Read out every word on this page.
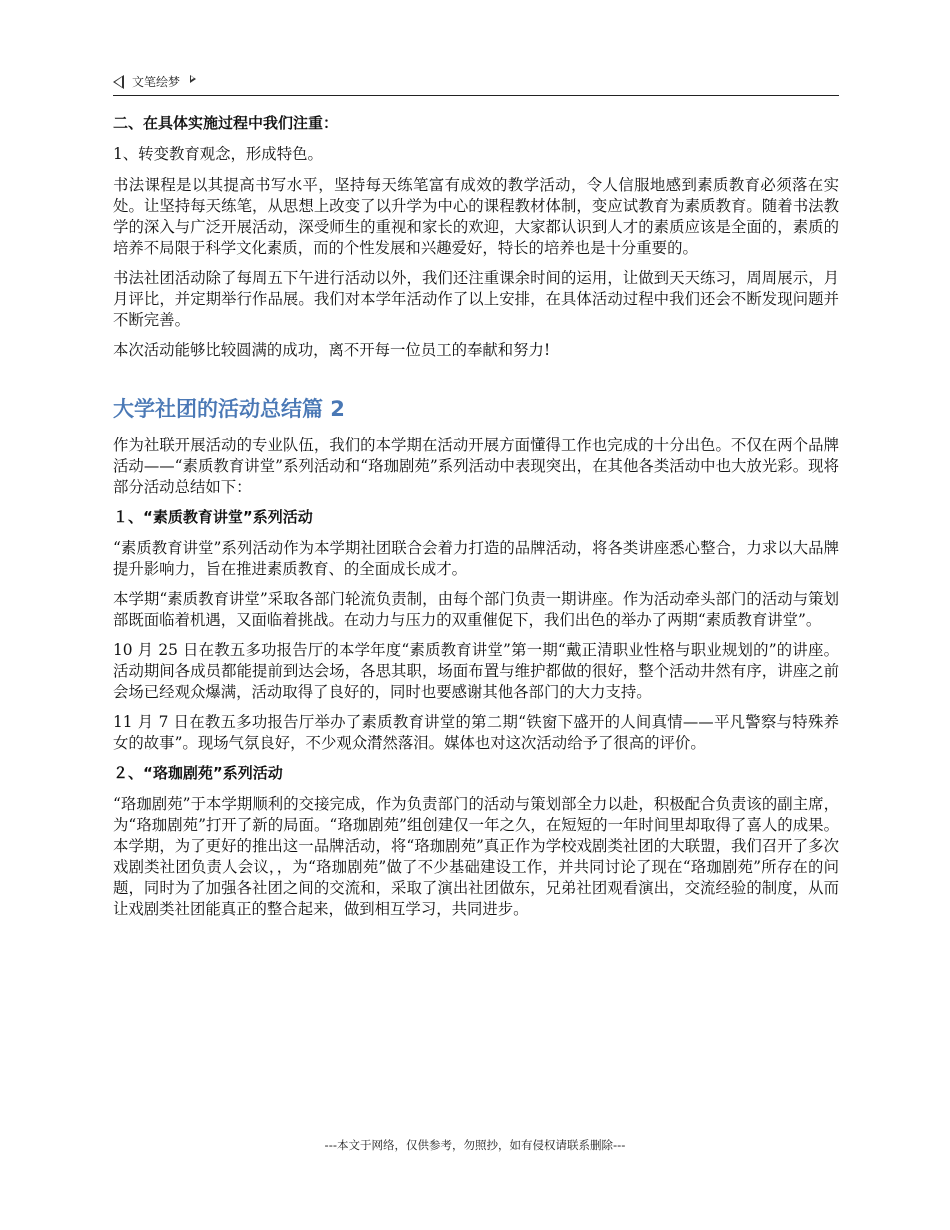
文笔绘梦

二、在具体实施过程中我们注重：

1、转变教育观念，形成特色。

书法课程是以其提高书写水平，坚持每天练笔富有成效的教学活动，令人信服地感到素质教育必须落在实处。让坚持每天练笔，从思想上改变了以升学为中心的课程教材体制，变应试教育为素质教育。随着书法教学的深入与广泛开展活动，深受师生的重视和家长的欢迎，大家都认识到人才的素质应该是全面的，素质的培养不局限于科学文化素质，而的个性发展和兴趣爱好，特长的培养也是十分重要的。

书法社团活动除了每周五下午进行活动以外，我们还注重课余时间的运用，让做到天天练习，周周展示，月月评比，并定期举行作品展。我们对本学年活动作了以上安排，在具体活动过程中我们还会不断发现问题并不断完善。

本次活动能够比较圆满的成功，离不开每一位员工的奉献和努力!

大学社团的活动总结篇 2

作为社联开展活动的专业队伍，我们的本学期在活动开展方面懂得工作也完成的十分出色。不仅在两个品牌活动——“素质教育讲堂”系列活动和“珞珈剧苑”系列活动中表现突出，在其他各类活动中也大放光彩。现将部分活动总结如下：

１、“素质教育讲堂”系列活动

“素质教育讲堂”系列活动作为本学期社团联合会着力打造的品牌活动，将各类讲座悉心整合，力求以大品牌提升影响力，旨在推进素质教育、的全面成长成才。

本学期“素质教育讲堂”采取各部门轮流负责制，由每个部门负责一期讲座。作为活动牵头部门的活动与策划部既面临着机遇，又面临着挑战。在动力与压力的双重催促下，我们出色的举办了两期“素质教育讲堂”。

10 月 25 日在教五多功报告厅的本学年度“素质教育讲堂”第一期“戴正清职业性格与职业规划的”的讲座。活动期间各成员都能提前到达会场，各思其职，场面布置与维护都做的很好，整个活动井然有序，讲座之前会场已经观众爆满，活动取得了良好的，同时也要感谢其他各部门的大力支持。

11 月 7 日在教五多功报告厅举办了素质教育讲堂的第二期“铁窗下盛开的人间真情——平凡警察与特殊养女的故事”。现场气氛良好，不少观众潸然落泪。媒体也对这次活动给予了很高的评价。

２、“珞珈剧苑”系列活动

“珞珈剧苑”于本学期顺利的交接完成，作为负责部门的活动与策划部全力以赴，积极配合负责该的副主席，为“珞珈剧苑”打开了新的局面。“珞珈剧苑”组创建仅一年之久，在短短的一年时间里却取得了喜人的成果。本学期，为了更好的推出这一品牌活动，将“珞珈剧苑”真正作为学校戏剧类社团的大联盟，我们召开了多次戏剧类社团负责人会议，，为“珞珈剧苑”做了不少基础建设工作，并共同讨论了现在“珞珈剧苑”所存在的问题，同时为了加强各社团之间的交流和，采取了演出社团做东，兄弟社团观看演出，交流经验的制度，从而让戏剧类社团能真正的整合起来，做到相互学习，共同进步。

---本文于网络，仅供参考，勿照抄，如有侵权请联系删除---
